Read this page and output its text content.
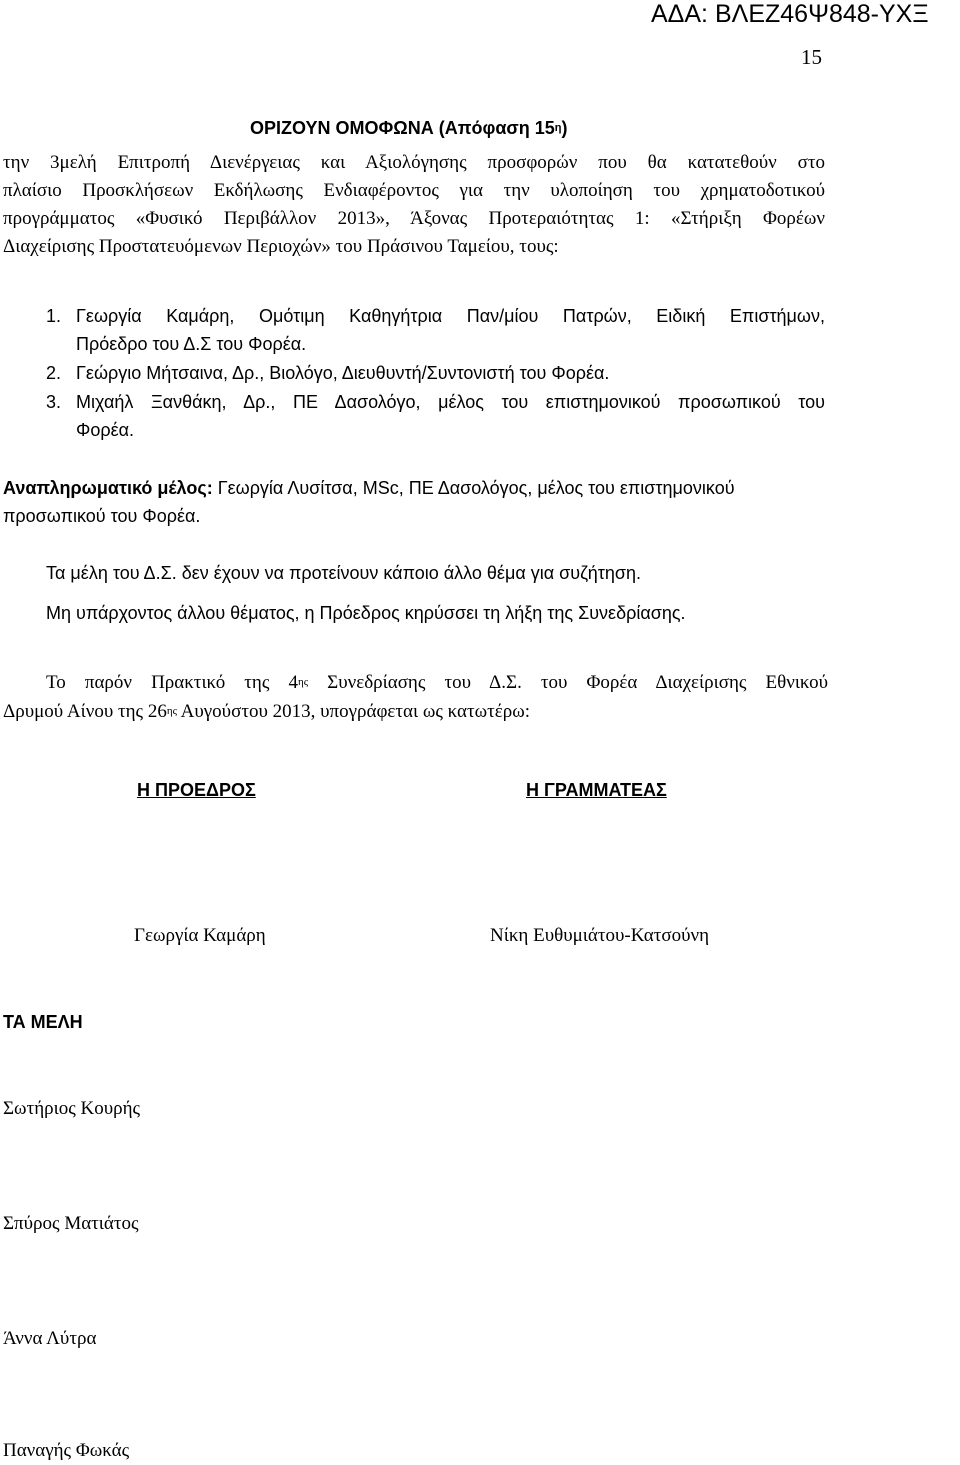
ΑΔΑ: ΒΛΕΖ46Ψ848-ΥΧΞ
15
ΟΡΙΖΟΥΝ ΟΜΟΦΩΝΑ (Απόφαση $15^\eta$)
την 3μελή Επιτροπή Διενέργειας και Αξιολόγησης προσφορών που θα κατατεθούν στο
πλαίσιο Προσκλήσεων Εκδήλωσης Ενδιαφέροντος για την υλοποίηση του χρηματοδοτικού
προγράμματος «Φυσικό Περιβάλλον 2013», Άξονας Προτεραιότητας 1: «Στήριξη Φορέων
Διαχείρισης Προστατευόμενων Περιοχών» του Πράσινου Ταμείου, τους:
1. Γεωργία Καμάρη, Ομότιμη Καθηγήτρια Παν/μίου Πατρών, Ειδική Επιστήμων,
Πρόεδρο του Δ.Σ του Φορέα.
2. Γεώργιο Μήτσαινα, Δρ., Βιολόγο, Διευθυντή/Συντονιστή του Φορέα.
3. Μιχαήλ Ξανθάκη, Δρ., ΠΕ Δασολόγο, μέλος του επιστημονικού προσωπικού του
Φορέα.
Αναπληρωματικό μέλος: Γεωργία Λυσίτσα, MSc, ΠΕ Δασολόγος, μέλος του επιστημονικού
προσωπικού του Φορέα.
Τα μέλη του Δ.Σ. δεν έχουν να προτείνουν κάποιο άλλο θέμα για συζήτηση.
Μη υπάρχοντος άλλου θέματος, η Πρόεδρος κηρύσσει τη λήξη της Συνεδρίασης.
Το παρόν Πρακτικό της $4^{\eta\varsigma}$ Συνεδρίασης του Δ.Σ. του Φορέα Διαχείρισης Εθνικού
Δρυμού Αίνου της $26^{\eta\varsigma}$ Αυγούστου 2013, υπογράφεται ως κατωτέρω:
Η ΠΡΟΕΔΡΟΣ	Η ΓΡΑΜΜΑΤΕΑΣ
Γεωργία Καμάρη	Νίκη Ευθυμιάτου-Κατσούνη
ΤΑ ΜΕΛΗ
Σωτήριος Κουρής
Σπύρος Ματιάτος
Άννα Λύτρα
Παναγής Φωκάς
